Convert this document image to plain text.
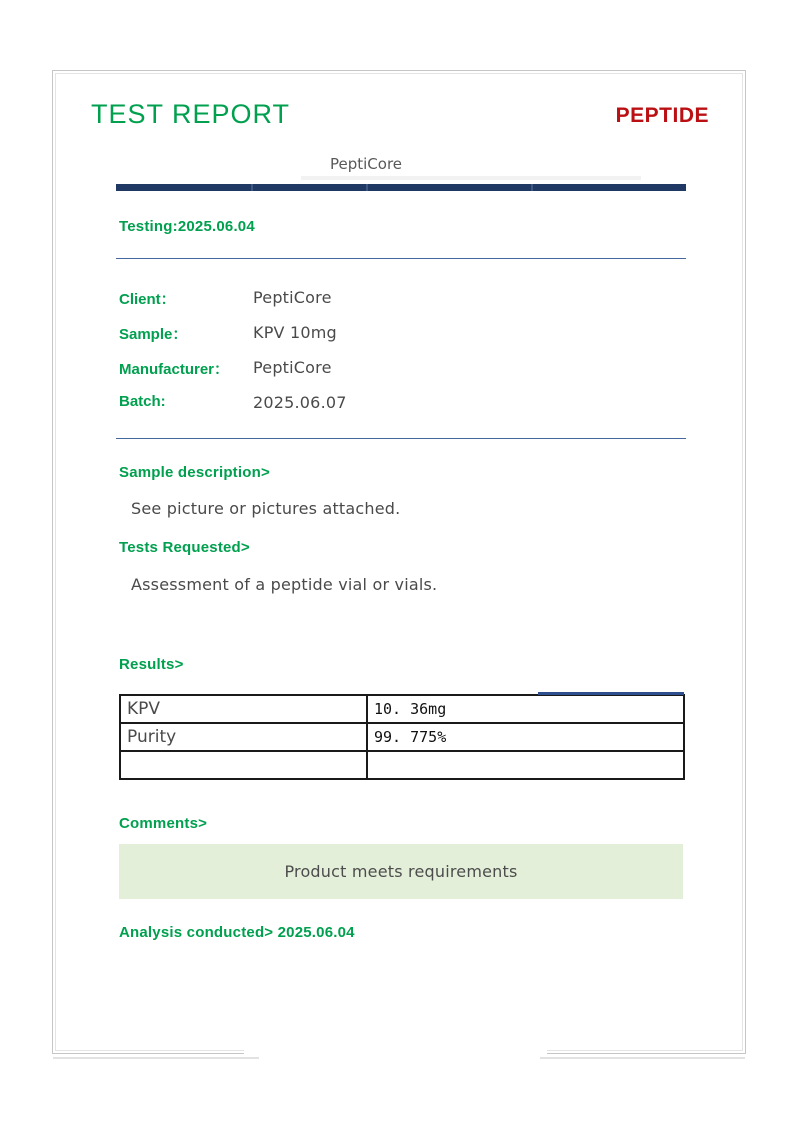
TEST REPORT	PEPTIDE
PeptiCore
Testing:2025.06.04
Client：	PeptiCore
Sample：	KPV 10mg
Manufacturer： PeptiCore
Batch:	2025.06.07
Sample description>
See picture or pictures attached.
Tests Requested>
Assessment of a peptide vial or vials.
Results>
KPV	10. 36mg
Purity	99. 775%

Comments>
Product meets requirements
Analysis conducted> 2025.06.04
